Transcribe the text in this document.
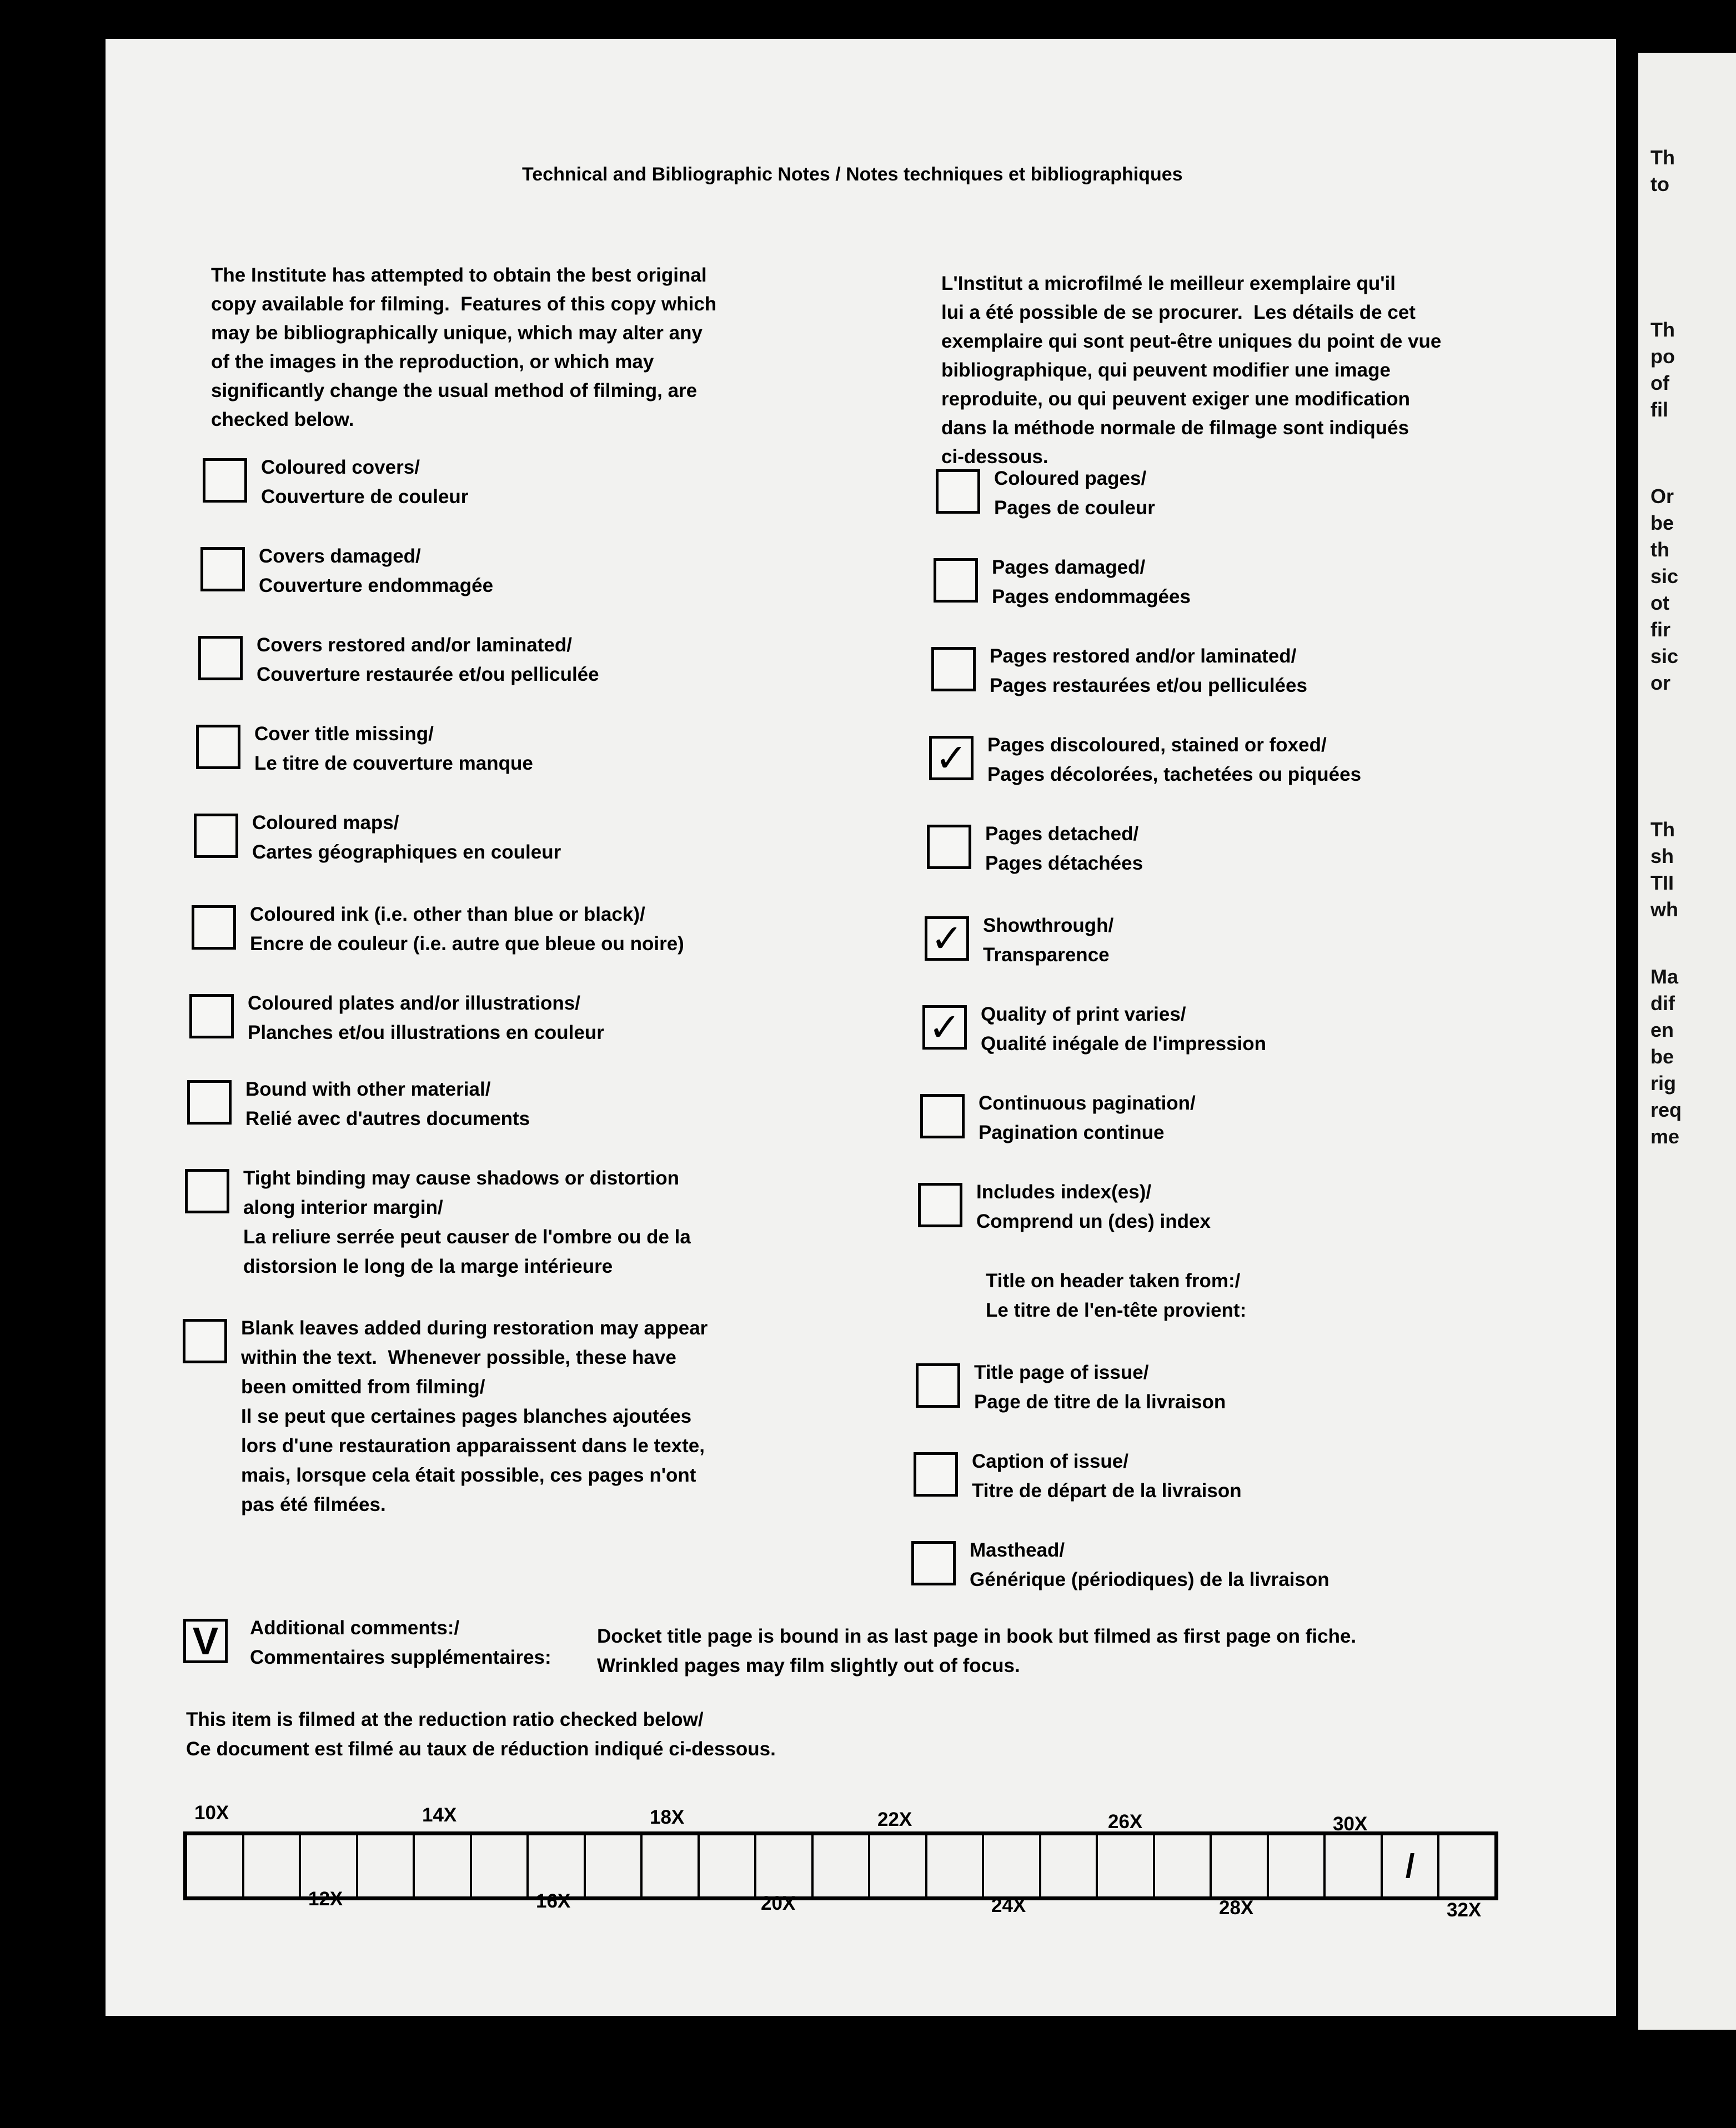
Technical and Bibliographic Notes / Notes techniques et bibliographiques
The Institute has attempted to obtain the best original
copy available for filming.  Features of this copy which
may be bibliographically unique, which may alter any
of the images in the reproduction, or which may
significantly change the usual method of filming, are
checked below.
L'Institut a microfilmé le meilleur exemplaire qu'il
lui a été possible de se procurer.  Les détails de cet
exemplaire qui sont peut-être uniques du point de vue
bibliographique, qui peuvent modifier une image
reproduite, ou qui peuvent exiger une modification
dans la méthode normale de filmage sont indiqués
ci-dessous.
Coloured covers/
Couverture de couleur
Covers damaged/
Couverture endommagée
Covers restored and/or laminated/
Couverture restaurée et/ou pelliculée
Cover title missing/
Le titre de couverture manque
Coloured maps/
Cartes géographiques en couleur
Coloured ink (i.e. other than blue or black)/
Encre de couleur (i.e. autre que bleue ou noire)
Coloured plates and/or illustrations/
Planches et/ou illustrations en couleur
Bound with other material/
Relié avec d'autres documents
Tight binding may cause shadows or distortion
along interior margin/
La reliure serrée peut causer de l'ombre ou de la
distorsion le long de la marge intérieure
Blank leaves added during restoration may appear
within the text.  Whenever possible, these have
been omitted from filming/
Il se peut que certaines pages blanches ajoutées
lors d'une restauration apparaissent dans le texte,
mais, lorsque cela était possible, ces pages n'ont
pas été filmées.
Coloured pages/
Pages de couleur
Pages damaged/
Pages endommagées
Pages restored and/or laminated/
Pages restaurées et/ou pelliculées
✓ Pages discoloured, stained or foxed/
Pages décolorées, tachetées ou piquées
Pages detached/
Pages détachées
✓ Showthrough/
Transparence
✓ Quality of print varies/
Qualité inégale de l'impression
Continuous pagination/
Pagination continue
Includes index(es)/
Comprend un (des) index
Title page of issue/
Page de titre de la livraison
Caption of issue/
Titre de départ de la livraison
Masthead/
Générique (périodiques) de la livraison
Title on header taken from:/
Le titre de l'en-tête provient:
V	Additional comments:/
Commentaires supplémentaires:
Docket title page is bound in as last page in book but filmed as first page on fiche.
Wrinkled pages may film slightly out of focus.
This item is filmed at the reduction ratio checked below/
Ce document est filmé au taux de réduction indiqué ci-dessous.
/
10X	14X	18X	22X	26X	30X
12X	16X	20X	24X	28X	32X
Th
to
Th
po
of
fil
Or
be
th
sic
ot
fir
sic
or
Th
sh
TII
wh
Ma
dif
en
be
rig
req
me
